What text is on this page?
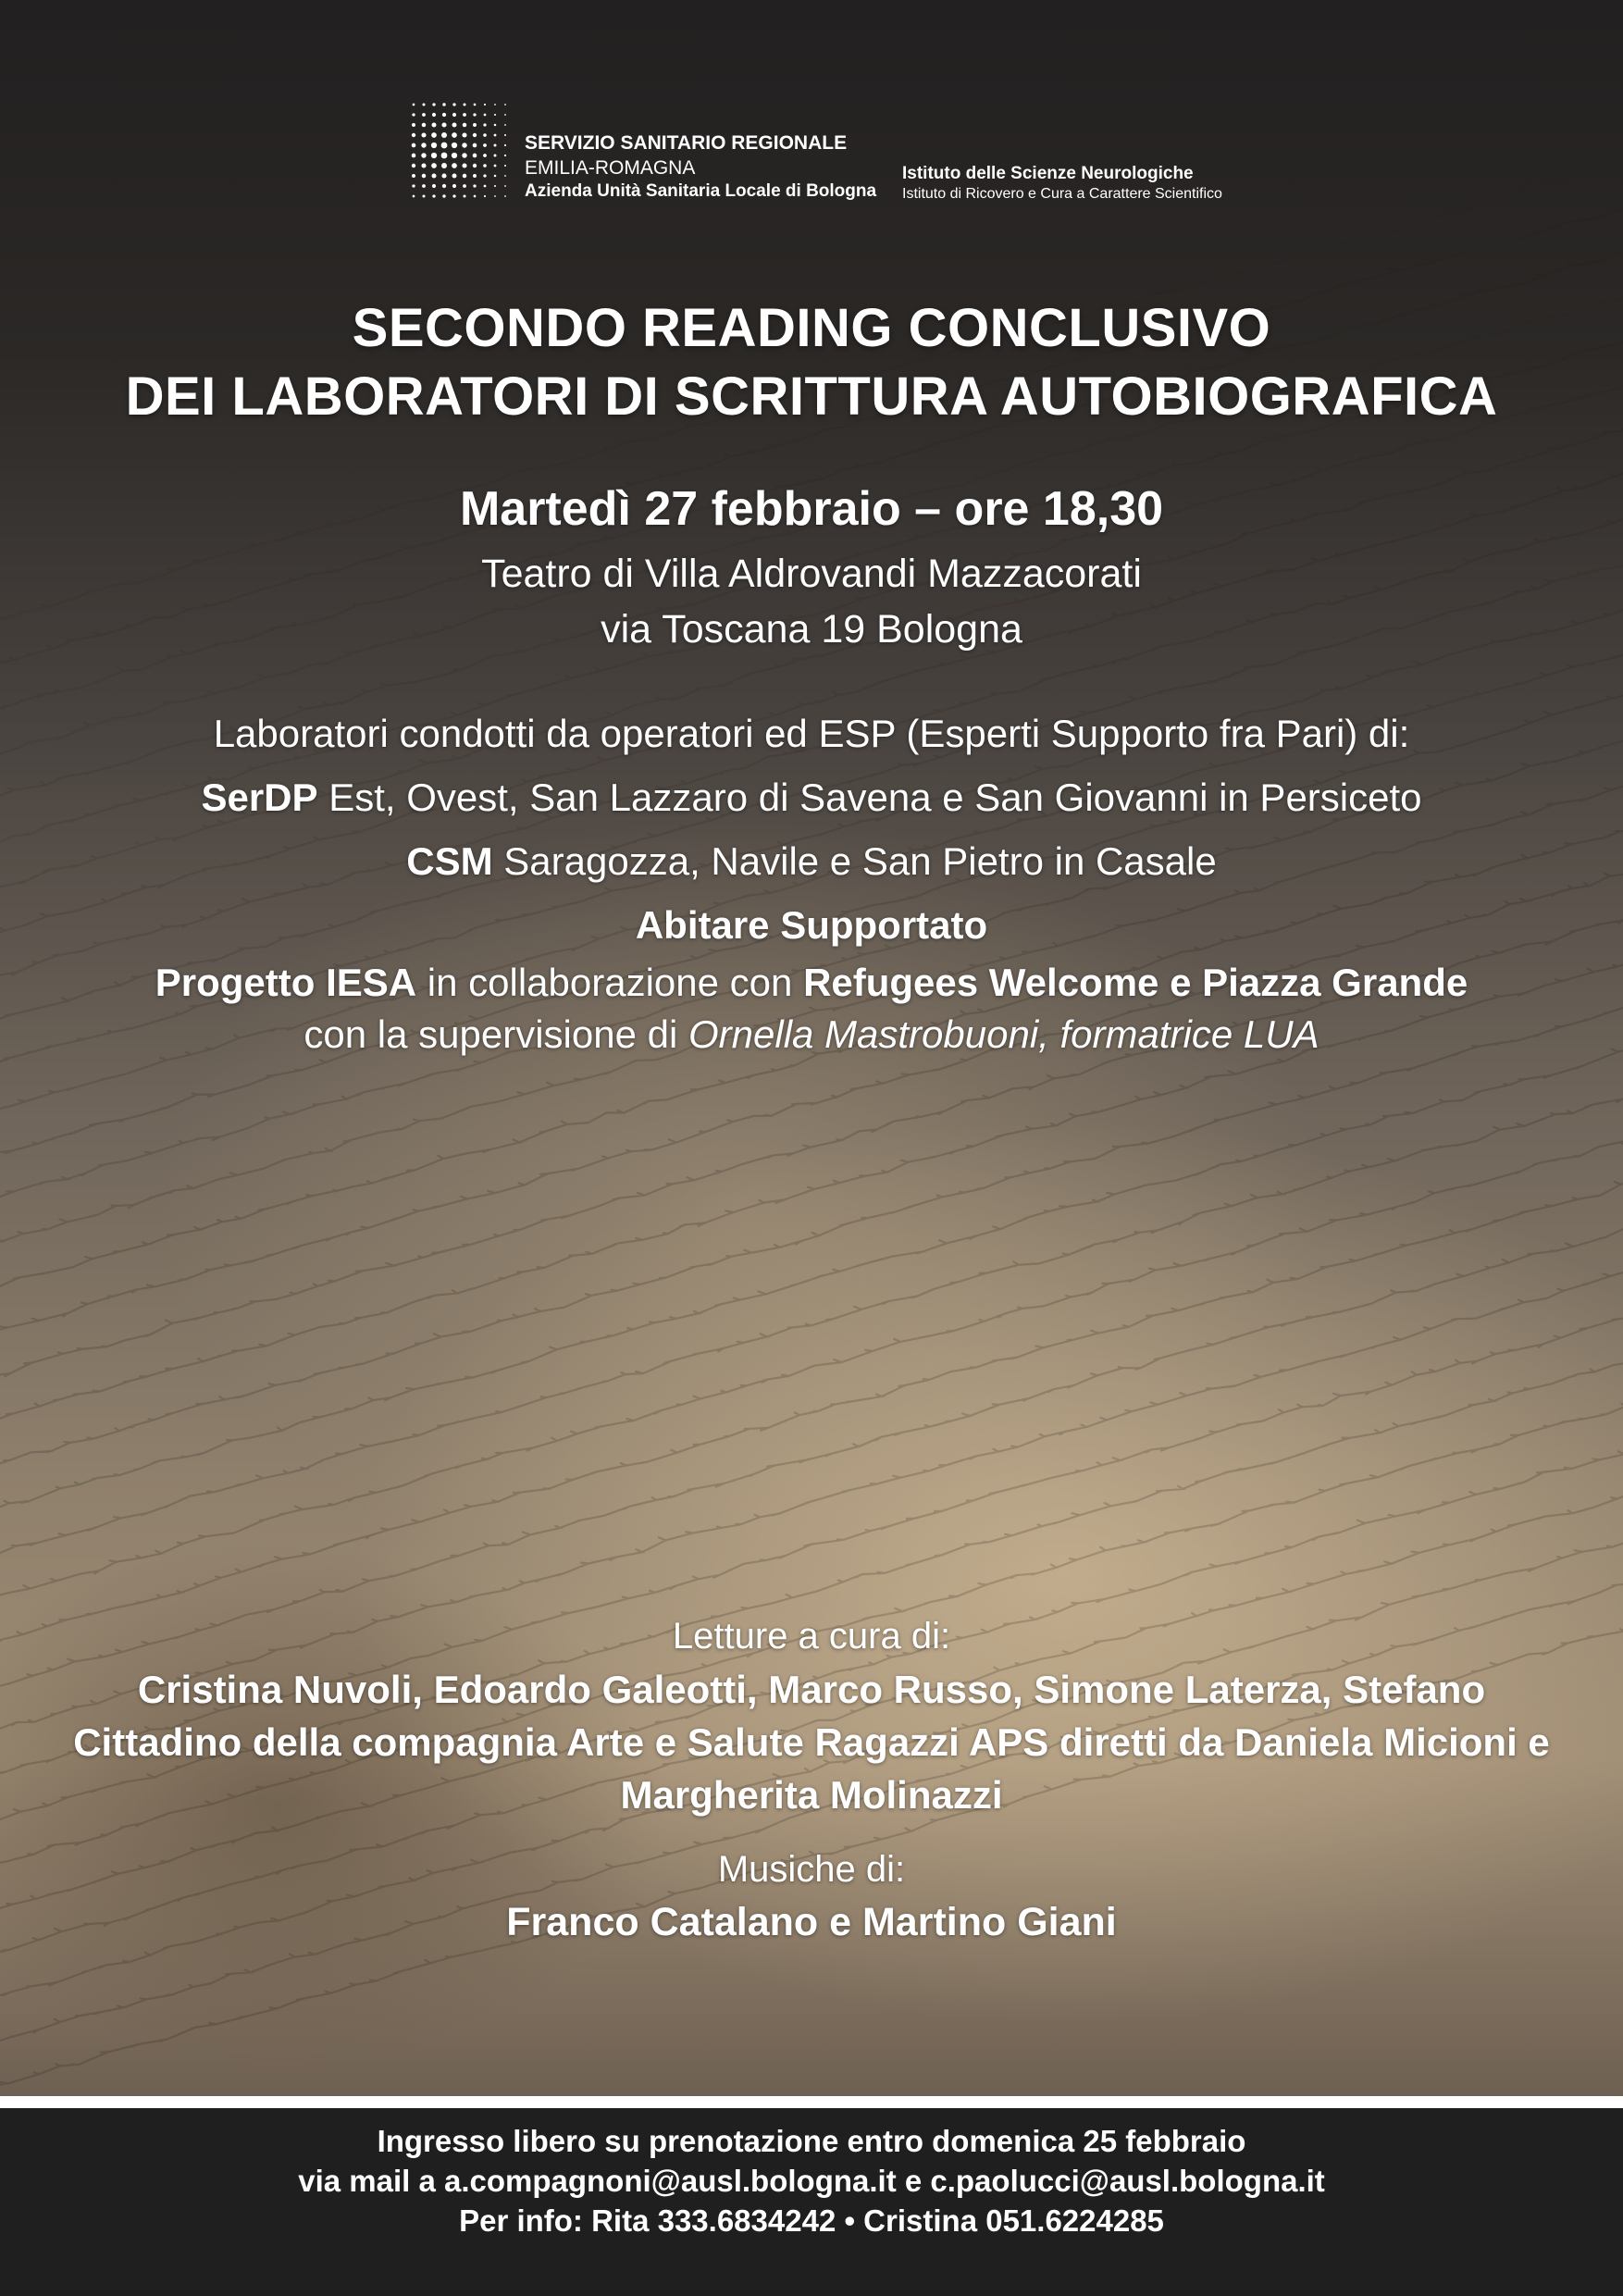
SERVIZIO SANITARIO REGIONALE
EMILIA-ROMAGNA
Azienda Unità Sanitaria Locale di Bologna
Istituto delle Scienze Neurologiche
Istituto di Ricovero e Cura a Carattere Scientifico
SECONDO READING CONCLUSIVO
DEI LABORATORI DI SCRITTURA AUTOBIOGRAFICA
Martedì 27 febbraio – ore 18,30
Teatro di Villa Aldrovandi Mazzacorati
via Toscana 19 Bologna
Laboratori condotti da operatori ed ESP (Esperti Supporto fra Pari) di:
SerDP Est, Ovest, San Lazzaro di Savena e San Giovanni in Persiceto
CSM Saragozza, Navile e San Pietro in Casale
Abitare Supportato
Progetto IESA in collaborazione con Refugees Welcome e Piazza Grande
con la supervisione di Ornella Mastrobuoni, formatrice LUA
Letture a cura di:
Cristina Nuvoli, Edoardo Galeotti, Marco Russo, Simone Laterza, Stefano Cittadino della compagnia Arte e Salute Ragazzi APS diretti da Daniela Micioni e Margherita Molinazzi
Musiche di:
Franco Catalano e Martino Giani
Ingresso libero su prenotazione entro domenica 25 febbraio
via mail a a.compagnoni@ausl.bologna.it e c.paolucci@ausl.bologna.it
Per info: Rita 333.6834242 • Cristina 051.6224285
